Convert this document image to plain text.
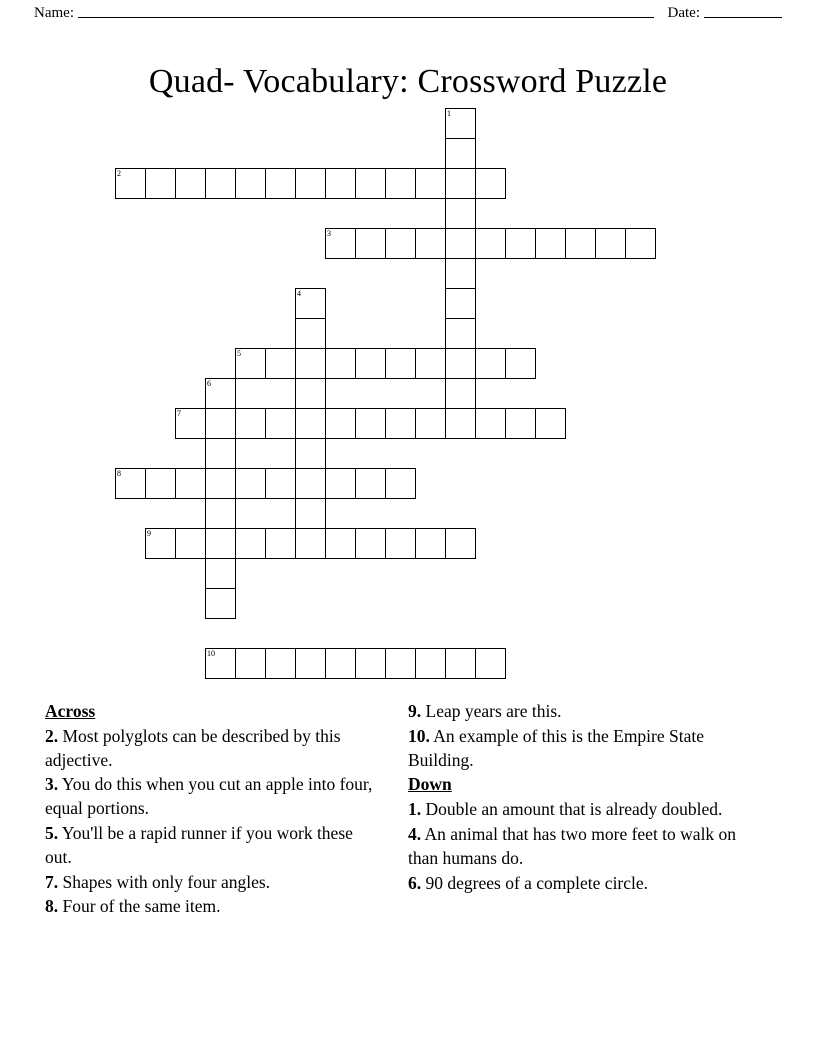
Name:	Date:
Quad- Vocabulary: Crossword Puzzle
1
2
3
4
5
6
7
8
9
10
Across
2. Most polyglots can be described by this adjective.
3. You do this when you cut an apple into four, equal portions.
5. You'll be a rapid runner if you work these out.
7. Shapes with only four angles.
8. Four of the same item.
9. Leap years are this.
10. An example of this is the Empire State Building.
Down
1. Double an amount that is already doubled.
4. An animal that has two more feet to walk on than humans do.
6. 90 degrees of a complete circle.
